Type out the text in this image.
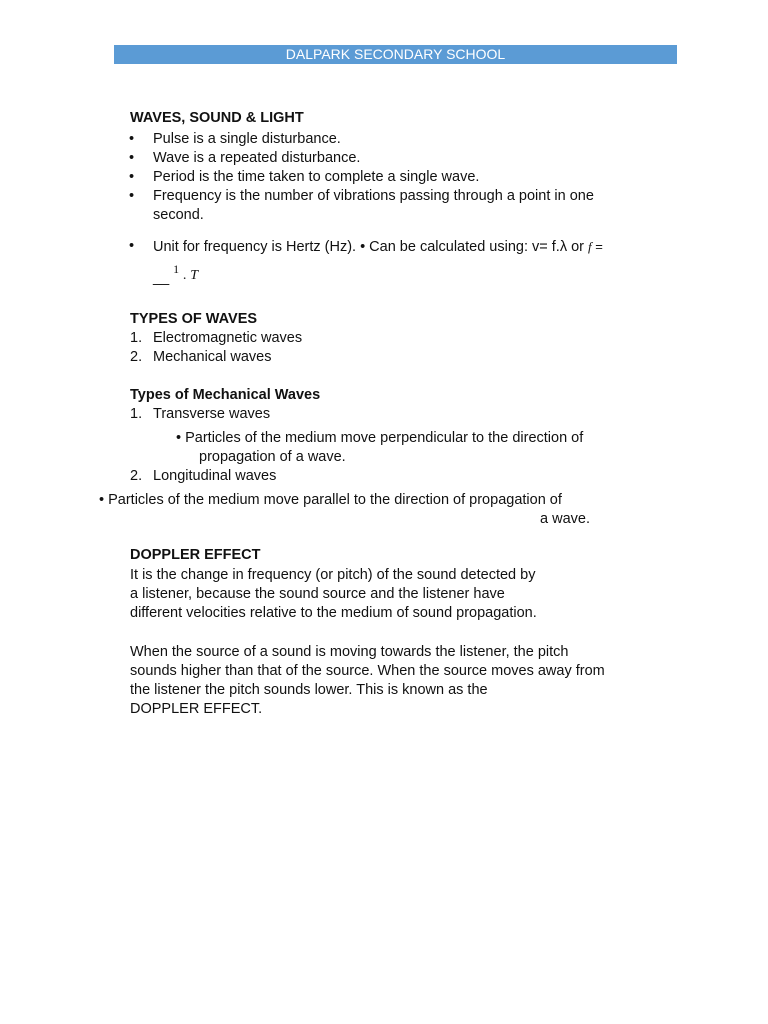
DALPARK SECONDARY SCHOOL
WAVES, SOUND & LIGHT
• Pulse is a single disturbance.
• Wave is a repeated disturbance.
• Period is the time taken to complete a single wave.
• Frequency is the number of vibrations passing through a point in one
second.
• Unit for frequency is Hertz (Hz). • Can be calculated using: v= f.λ or f =
__ $^1$ . T
TYPES OF WAVES
1. Electromagnetic waves
2. Mechanical waves
Types of Mechanical Waves
1. Transverse waves
• Particles of the medium move perpendicular to the direction of
propagation of a wave.
2. Longitudinal waves
• Particles of the medium move parallel to the direction of propagation of
a wave.
DOPPLER EFFECT
It is the change in frequency (or pitch) of the sound detected by
a listener, because the sound source and the listener have
different velocities relative to the medium of sound propagation.
When the source of a sound is moving towards the listener, the pitch
sounds higher than that of the source. When the source moves away from
the listener the pitch sounds lower. This is known as the
DOPPLER EFFECT.
